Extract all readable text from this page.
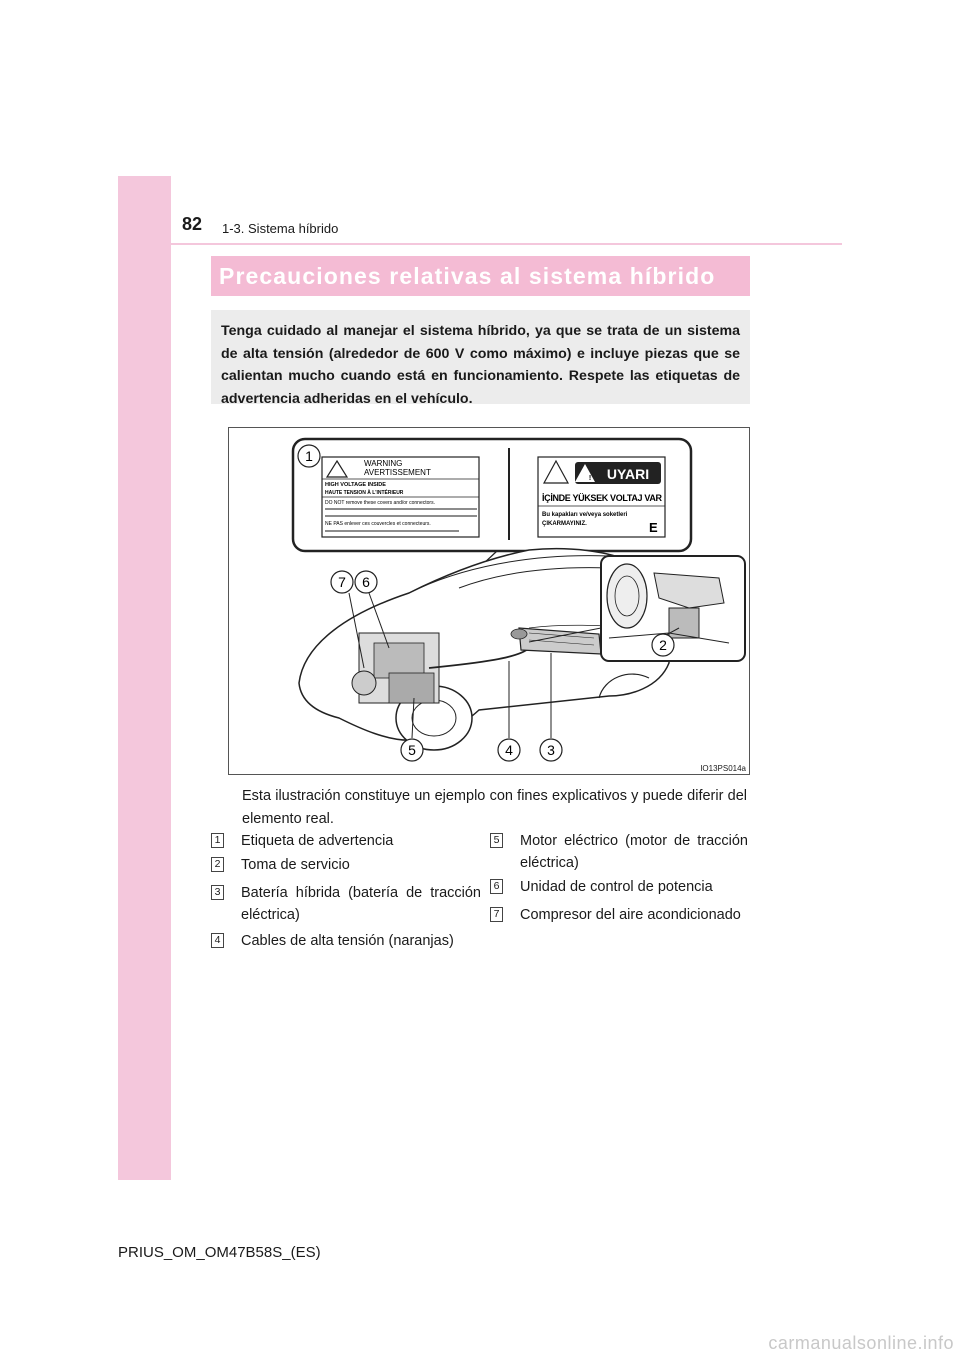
82 1-3. Sistema híbrido
Precauciones relativas al sistema híbrido
Tenga cuidado al manejar el sistema híbrido, ya que se trata de un sistema de alta tensión (alrededor de 600 V como máximo) e incluye piezas que se calientan mucho cuando está en funcionamiento. Respete las etiquetas de advertencia adheridas en el vehículo.
WARNING
AVERTISSEMENT
HIGH VOLTAGE INSIDE
HAUTE TENSION À L'INTÉRIEUR
DO NOT remove these covers and/or connectors.
NE PAS enlever ces couvercles et connecteurs.
! UYARI
İÇİNDE YÜKSEK VOLTAJ VAR
Bu kapakları ve/veya soketleri
ÇIKARMAYINIZ.	E
1
2
3
4
5
6
7
IO13PS014a
Esta ilustración constituye un ejemplo con fines explicativos y puede diferir del elemento real.
1 Etiqueta de advertencia
2 Toma de servicio
3 Batería híbrida (batería de tracción eléctrica)
4 Cables de alta tensión (naranjas)
5 Motor eléctrico (motor de tracción eléctrica)
6 Unidad de control de potencia
7 Compresor del aire acondicionado
PRIUS_OM_OM47B58S_(ES)
carmanualsonline.info
